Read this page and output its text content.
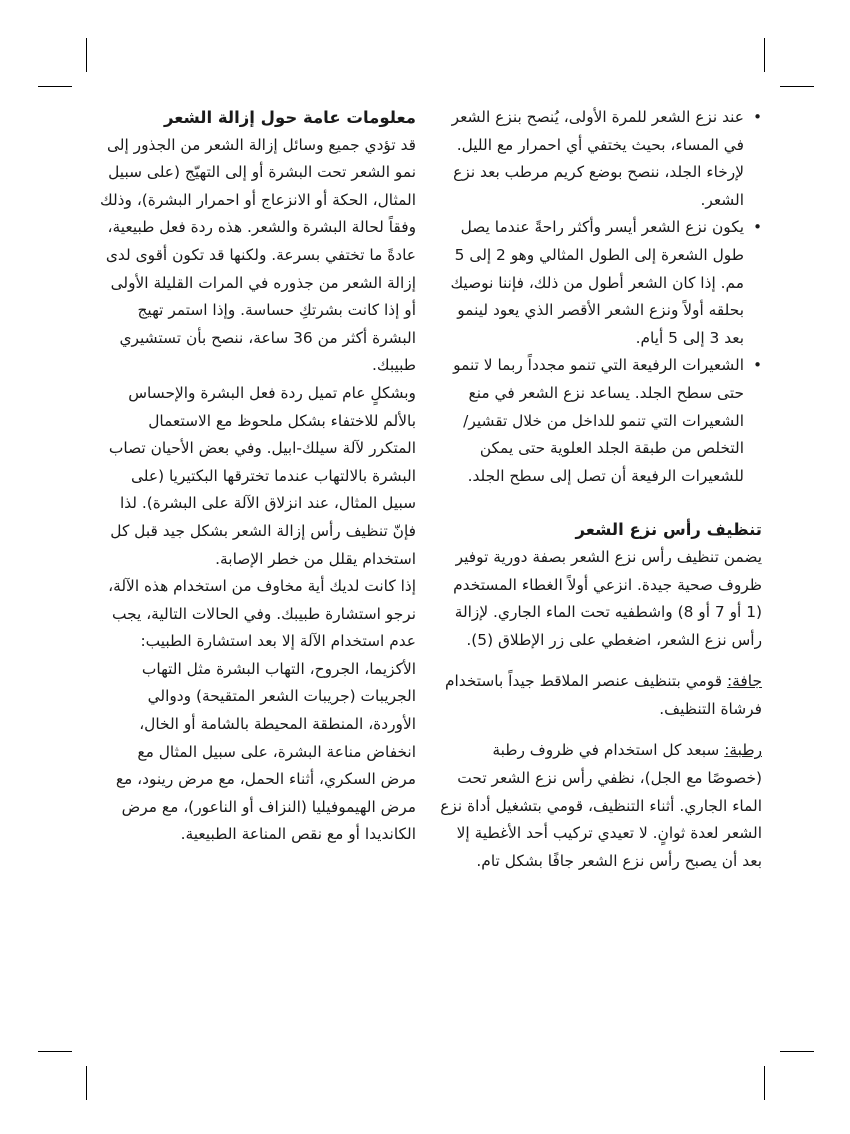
• عند نزع الشعر للمرة الأولى، يُنصح بنزع الشعر في المساء، بحيث يختفي أي احمرار مع الليل. لإرخاء الجلد، ننصح بوضع كريم مرطب بعد نزع الشعر.
• يكون نزع الشعر أيسر وأكثر راحةً عندما يصل طول الشعرة إلى الطول المثالي وهو 2 إلى 5 مم. إذا كان الشعر أطول من ذلك، فإننا نوصيك بحلقه أولاً ونزع الشعر الأقصر الذي يعود لينمو بعد 3 إلى 5 أيام.
• الشعيرات الرفيعة التي تنمو مجدداً ربما لا تنمو حتى سطح الجلد. يساعد نزع الشعر في منع الشعيرات التي تنمو للداخل من خلال تقشير/التخلص من طبقة الجلد العلوية حتى يمكن للشعيرات الرفيعة أن تصل إلى سطح الجلد.
تنظيف رأس نزع الشعر

يضمن تنظيف رأس نزع الشعر بصفة دورية توفير ظروف صحية جيدة. انزعي أولاً الغطاء المستخدم (1 أو 7 أو 8) واشطفيه تحت الماء الجاري. لإزالة رأس نزع الشعر، اضغطي على زر الإطلاق (5).

جافة: قومي بتنظيف عنصر الملاقط جيداً باستخدام فرشاة التنظيف.

رطبة: سبعد كل استخدام في ظروف رطبة (خصوصًا مع الجل)، نظفي رأس نزع الشعر تحت الماء الجاري. أثناء التنظيف، قومي بتشغيل أداة نزع الشعر لعدة ثوانٍ. لا تعيدي تركيب أحد الأغطية إلا بعد أن يصبح رأس نزع الشعر جافًا بشكل تام.

معلومات عامة حول إزالة الشعر

قد تؤدي جميع وسائل إزالة الشعر من الجذور إلى نمو الشعر تحت البشرة أو إلى التهيّج (على سبيل المثال، الحكة أو الانزعاج أو احمرار البشرة)، وذلك وفقاً لحالة البشرة والشعر. هذه ردة فعل طبيعية، عادةً ما تختفي بسرعة. ولكنها قد تكون أقوى لدى إزالة الشعر من جذوره في المرات القليلة الأولى أو إذا كانت بشرتكِ حساسة. وإذا استمر تهيج البشرة أكثر من 36 ساعة، ننصح بأن تستشيري طبيبك.

وبشكلٍ عام تميل ردة فعل البشرة والإحساس بالألم للاختفاء بشكل ملحوظ مع الاستعمال المتكرر لآلة سيلك-ابيل. وفي بعض الأحيان تصاب البشرة بالالتهاب عندما تخترقها البكتيريا (على سبيل المثال، عند انزلاق الآلة على البشرة). لذا فإنّ تنظيف رأس إزالة الشعر بشكل جيد قبل كل استخدام يقلل من خطر الإصابة.

إذا كانت لديك أية مخاوف من استخدام هذه الآلة، نرجو استشارة طبيبك. وفي الحالات التالية، يجب عدم استخدام الآلة إلا بعد استشارة الطبيب: الأكزيما، الجروح، التهاب البشرة مثل التهاب الجريبات (جريبات الشعر المتقيحة) ودوالي الأوردة، المنطقة المحيطة بالشامة أو الخال، انخفاض مناعة البشرة، على سبيل المثال مع مرض السكري، أثناء الحمل، مع مرض رينود، مع مرض الهيموفيليا (النزاف أو الناعور)، مع مرض الكانديدا أو مع نقص المناعة الطبيعية.
